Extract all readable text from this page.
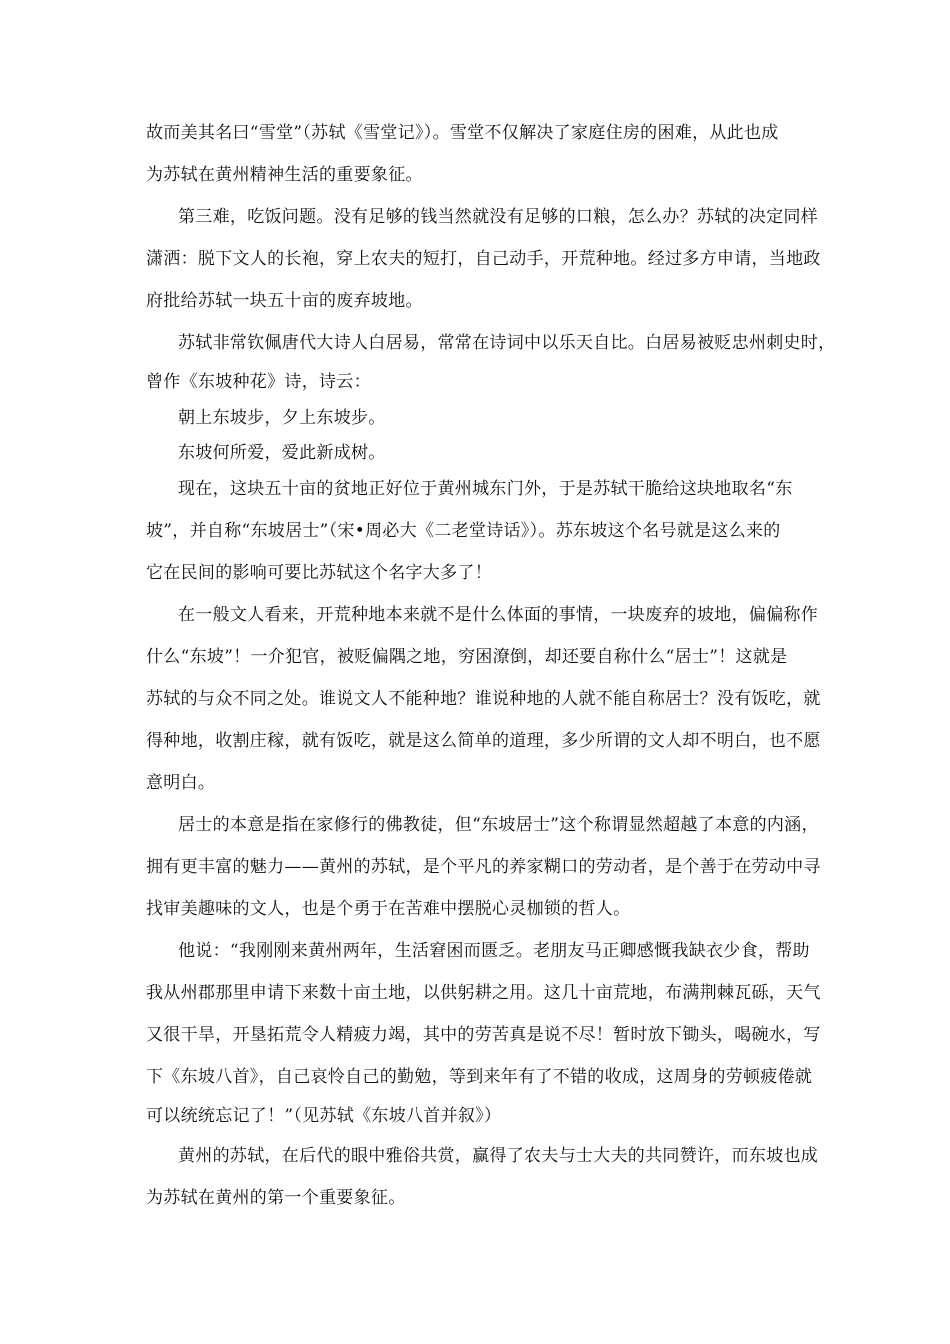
故而美其名曰“雪堂”（苏轼《雪堂记》）。雪堂不仅解决了家庭住房的困难，从此也成
为苏轼在黄州精神生活的重要象征。
第三难，吃饭问题。没有足够的钱当然就没有足够的口粮，怎么办？苏轼的决定同样
潇洒：脱下文人的长袍，穿上农夫的短打，自己动手，开荒种地。经过多方申请，当地政
府批给苏轼一块五十亩的废弃坡地。
苏轼非常钦佩唐代大诗人白居易，常常在诗词中以乐天自比。白居易被贬忠州刺史时，
曾作《东坡种花》诗，诗云：
朝上东坡步，夕上东坡步。
东坡何所爱，爱此新成树。
现在，这块五十亩的贫地正好位于黄州城东门外，于是苏轼干脆给这块地取名“东
坡”，并自称“东坡居士”（宋•周必大《二老堂诗话》）。苏东坡这个名号就是这么来的
它在民间的影响可要比苏轼这个名字大多了！
在一般文人看来，开荒种地本来就不是什么体面的事情，一块废弃的坡地，偏偏称作
什么“东坡”！一介犯官，被贬偏隅之地，穷困潦倒，却还要自称什么“居士”！这就是
苏轼的与众不同之处。谁说文人不能种地？谁说种地的人就不能自称居士？没有饭吃，就
得种地，收割庄稼，就有饭吃，就是这么简单的道理，多少所谓的文人却不明白，也不愿
意明白。
居士的本意是指在家修行的佛教徒，但“东坡居士”这个称谓显然超越了本意的内涵，
拥有更丰富的魅力——黄州的苏轼，是个平凡的养家糊口的劳动者，是个善于在劳动中寻
找审美趣味的文人，也是个勇于在苦难中摆脱心灵枷锁的哲人。
他说：“我刚刚来黄州两年，生活窘困而匮乏。老朋友马正卿感慨我缺衣少食，帮助
我从州郡那里申请下来数十亩土地，以供躬耕之用。这几十亩荒地，布满荆棘瓦砾，天气
又很干旱，开垦拓荒令人精疲力竭，其中的劳苦真是说不尽！暂时放下锄头，喝碗水，写
下《东坡八首》，自己哀怜自己的勤勉，等到来年有了不错的收成，这周身的劳顿疲倦就
可以统统忘记了！”（见苏轼《东坡八首并叙》）
黄州的苏轼，在后代的眼中雅俗共赏，赢得了农夫与士大夫的共同赞许，而东坡也成
为苏轼在黄州的第一个重要象征。
